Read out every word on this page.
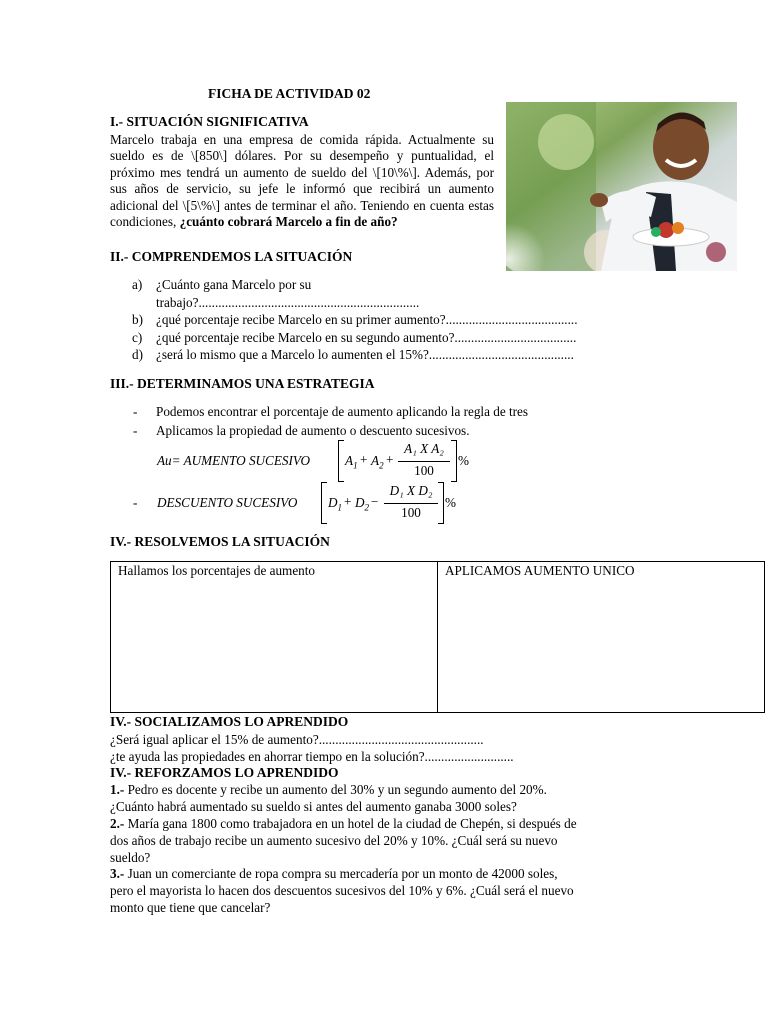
FICHA DE ACTIVIDAD 02
I.- SITUACIÓN SIGNIFICATIVA
Marcelo trabaja en una empresa de comida rápida. Actualmente su sueldo es de \[850\] dólares. Por su desempeño y puntualidad, el próximo mes tendrá un aumento de sueldo del \[10\%\]. Además, por sus años de servicio, su jefe le informó que recibirá un aumento adicional del \[5\%\] antes de terminar el año. Teniendo en cuenta estas condiciones, ¿cuánto cobrará Marcelo a fin de año?
II.- COMPRENDEMOS LA SITUACIÓN
a) ¿Cuánto gana Marcelo por su
trabajo?...................................................................
b) ¿qué porcentaje recibe Marcelo en su primer aumento?........................................
c) ¿qué porcentaje recibe Marcelo en su segundo aumento?.....................................
d) ¿será lo mismo que a Marcelo lo aumenten el 15%?............................................
III.- DETERMINAMOS UNA ESTRATEGIA
- Podemos encontrar el porcentaje de aumento aplicando la regla de tres
- Aplicamos la propiedad de aumento o descuento sucesivos.
Au= AUMENTO SUCESIVO	$A_1 + A_2$ +
A₁ X A₂
100
%
- DESCUENTO SUCESIVO $D_1 + D_2$ −
D₁ X D₂
100
%
IV.- RESOLVEMOS LA SITUACIÓN
Hallamos los porcentajes de aumento	APLICAMOS AUMENTO UNICO
IV.- SOCIALIZAMOS LO APRENDIDO
¿Será igual aplicar el 15% de aumento?..................................................
¿te ayuda las propiedades en ahorrar tiempo en la solución?...........................
IV.- REFORZAMOS LO APRENDIDO
1.- Pedro es docente y recibe un aumento del 30% y un segundo aumento del 20%.
¿Cuánto habrá aumentado su sueldo si antes del aumento ganaba 3000 soles?
2.- María gana 1800 como trabajadora en un hotel de la ciudad de Chepén, si después de
dos años de trabajo recibe un aumento sucesivo del 20% y 10%. ¿Cuál será su nuevo
sueldo?
3.- Juan un comerciante de ropa compra su mercadería por un monto de 42000 soles,
pero el mayorista lo hacen dos descuentos sucesivos del 10% y 6%. ¿Cuál será el nuevo
monto que tiene que cancelar?
